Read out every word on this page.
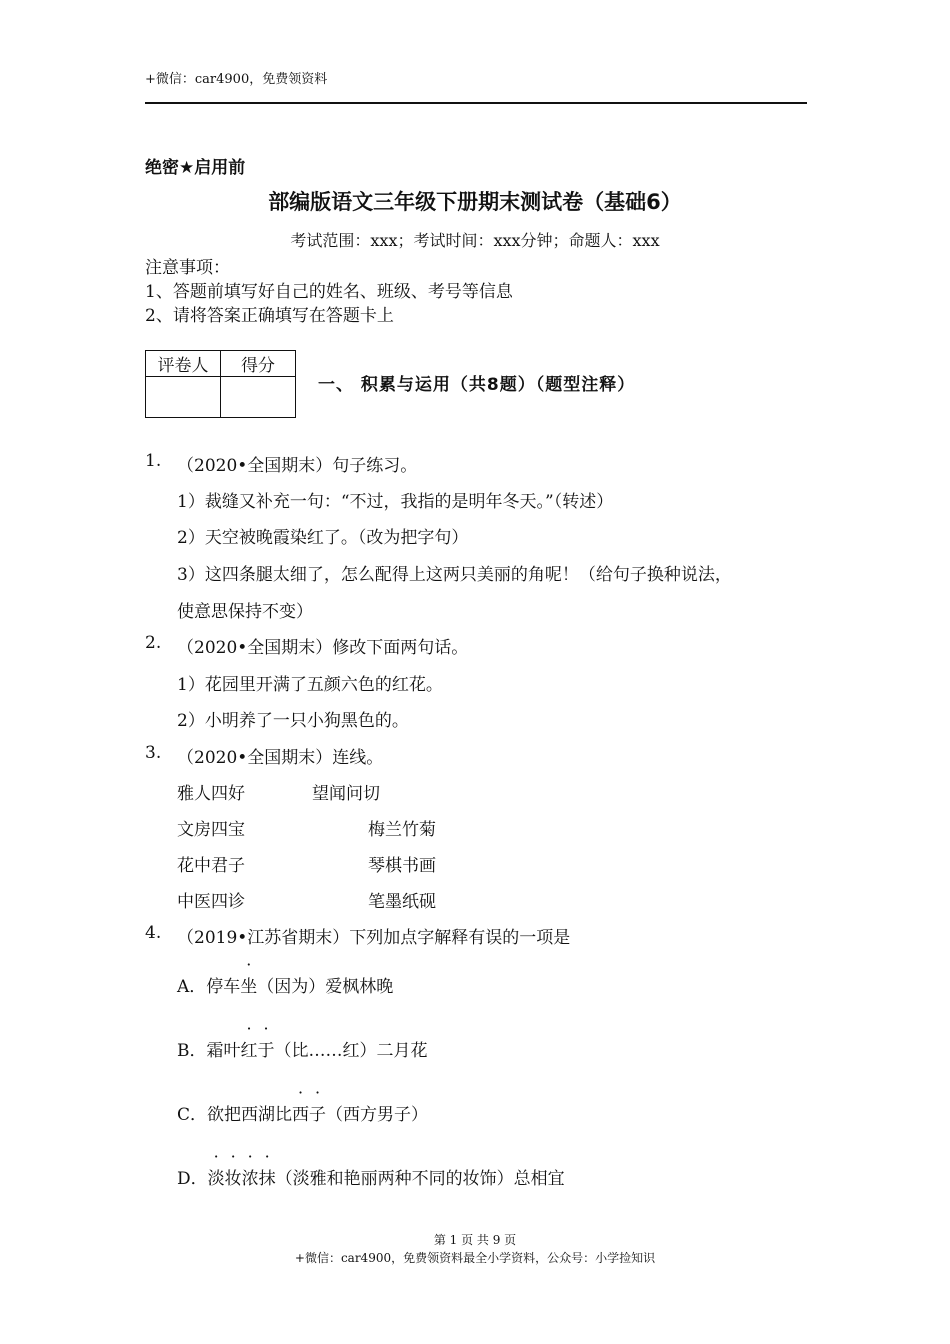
+微信：car4900，免费领资料
绝密★启用前
部编版语文三年级下册期末测试卷（基础6）
考试范围：xxx；考试时间：xxx分钟；命题人：xxx
注意事项：
1、答题前填写好自己的姓名、班级、考号等信息
2、请将答案正确填写在答题卡上
评卷人	得分

一、 积累与运用（共8题）（题型注释）
1. （2020•全国期末）句子练习。
1）裁缝又补充一句：“不过，我指的是明年冬天。”（转述）
2）天空被晚霞染红了。（改为把字句）
3）这四条腿太细了，怎么配得上这两只美丽的角呢！（给句子换种说法，
使意思保持不变）
2. （2020•全国期末）修改下面两句话。
1）花园里开满了五颜六色的红花。
2）小明养了一只小狗黑色的。
3. （2020•全国期末）连线。
雅人四好	望闻问切
文房四宝	梅兰竹菊
花中君子	琴棋书画
中医四诊	笔墨纸砚
4. （2019•江苏省期末）下列加点字解释有误的一项是
A．停车坐（因为）爱枫林晚
B．霜叶红于（比……红）二月花
C．欲把西湖比西子（西方男子）
D．淡妆浓抹（淡雅和艳丽两种不同的妆饰）总相宜
第 1 页 共 9 页
+微信：car4900，免费领资料最全小学资料，公众号：小学捡知识
